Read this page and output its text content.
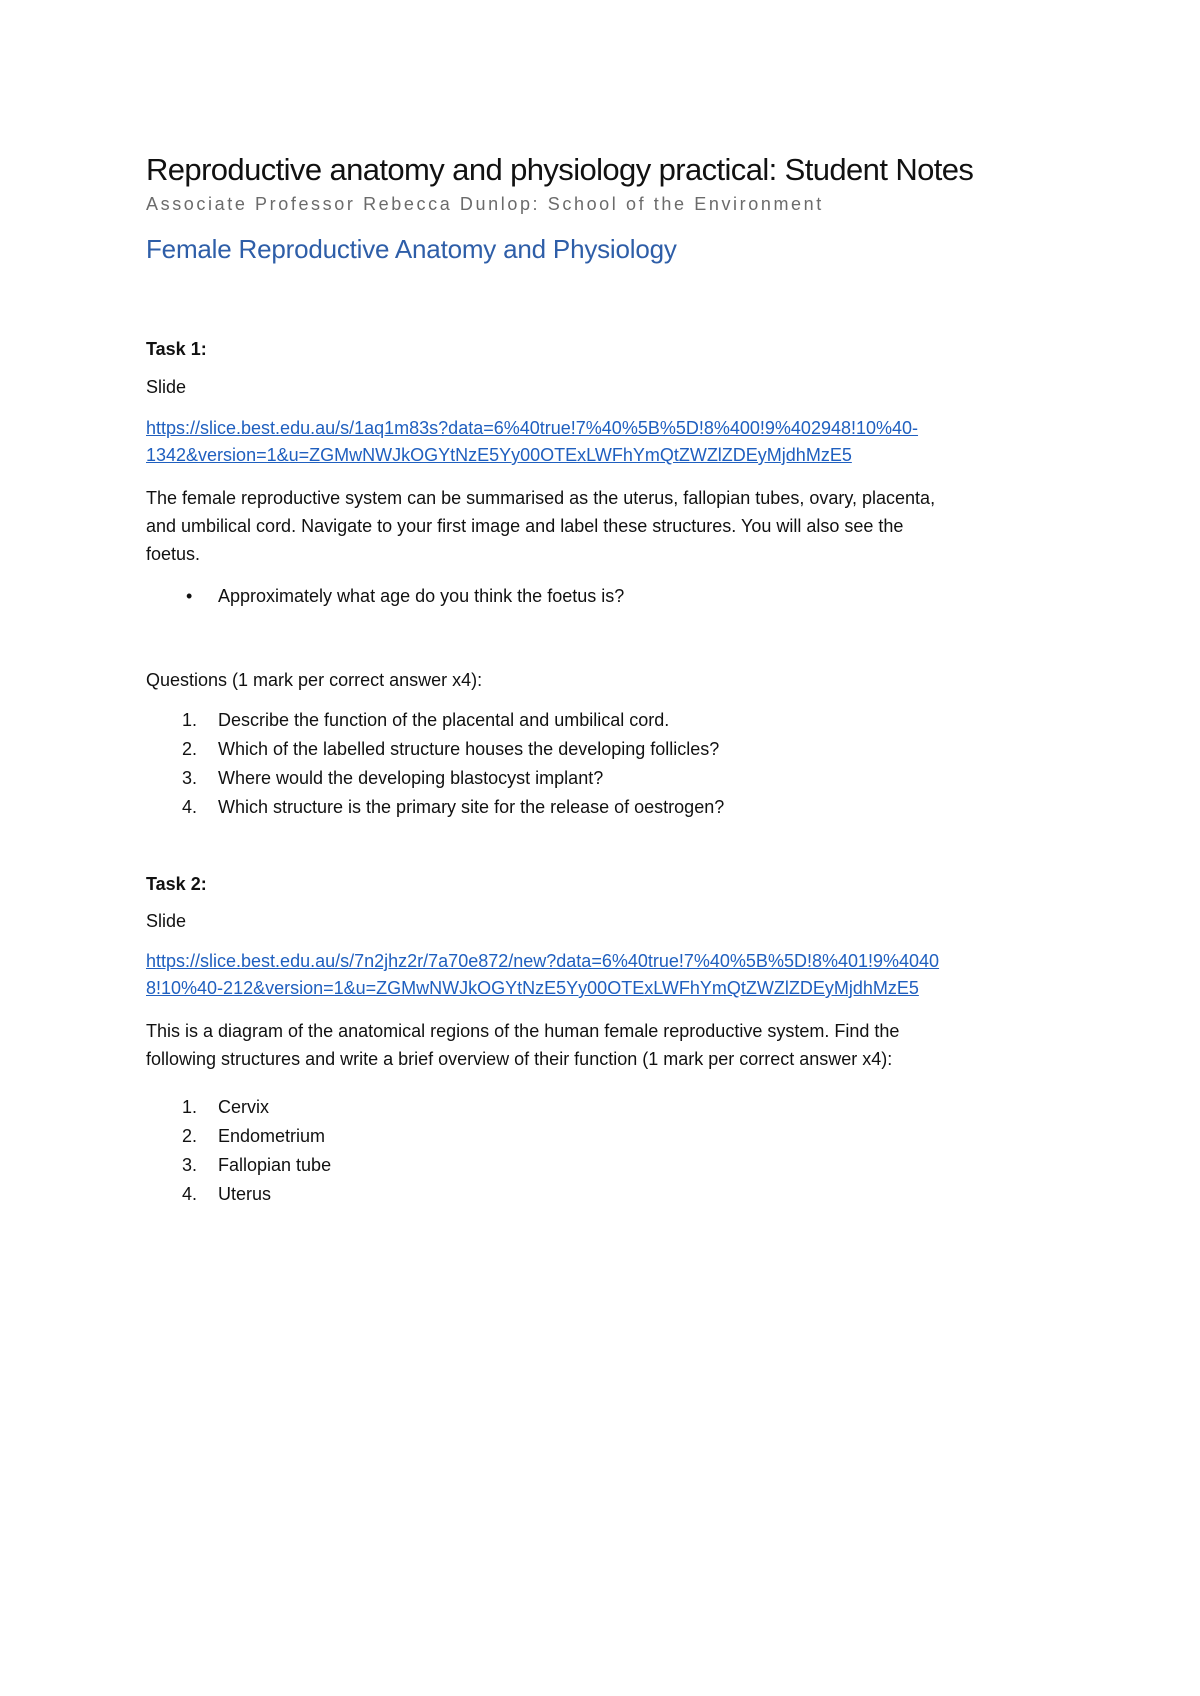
Reproductive anatomy and physiology practical: Student Notes
Associate Professor Rebecca Dunlop: School of the Environment
Female Reproductive Anatomy and Physiology
Task 1:
Slide
https://slice.best.edu.au/s/1aq1m83s?data=6%40true!7%40%5B%5D!8%400!9%402948!10%40-
1342&version=1&u=ZGMwNWJkOGYtNzE5Yy00OTExLWFhYmQtZWZlZDEyMjdhMzE5
The female reproductive system can be summarised as the uterus, fallopian tubes, ovary, placenta,
and umbilical cord. Navigate to your first image and label these structures. You will also see the
foetus.
• Approximately what age do you think the foetus is?
Questions (1 mark per correct answer x4):
1. Describe the function of the placental and umbilical cord.
2. Which of the labelled structure houses the developing follicles?
3. Where would the developing blastocyst implant?
4. Which structure is the primary site for the release of oestrogen?
Task 2:
Slide
https://slice.best.edu.au/s/7n2jhz2r/7a70e872/new?data=6%40true!7%40%5B%5D!8%401!9%4040
8!10%40-212&version=1&u=ZGMwNWJkOGYtNzE5Yy00OTExLWFhYmQtZWZlZDEyMjdhMzE5
This is a diagram of the anatomical regions of the human female reproductive system. Find the
following structures and write a brief overview of their function (1 mark per correct answer x4):
1. Cervix
2. Endometrium
3. Fallopian tube
4. Uterus
